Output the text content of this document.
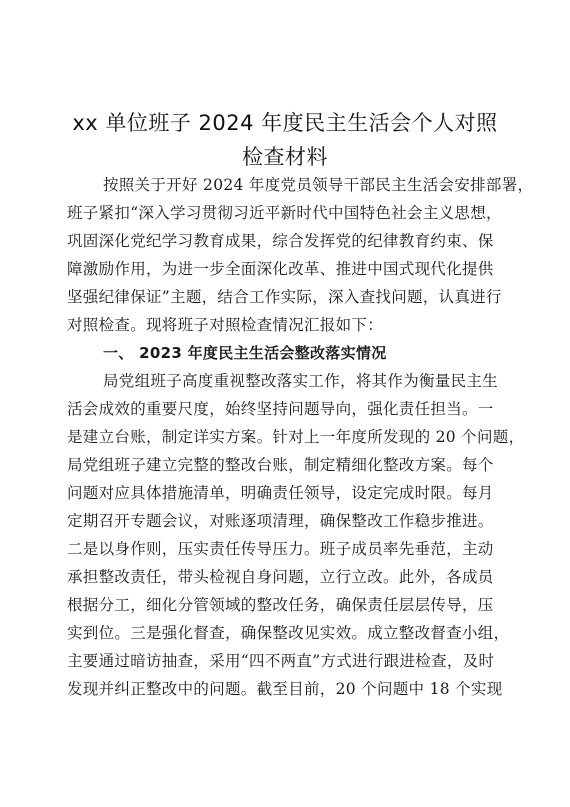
xx 单位班子 2024 年度民主生活会个人对照
检查材料
按照关于开好 2024 年度党员领导干部民主生活会安排部署，
班子紧扣“深入学习贯彻习近平新时代中国特色社会主义思想，
巩固深化党纪学习教育成果，综合发挥党的纪律教育约束、保
障激励作用，为进一步全面深化改革、推进中国式现代化提供
坚强纪律保证”主题，结合工作实际，深入查找问题，认真进行
对照检查。现将班子对照检查情况汇报如下：
一、 2023 年度民主生活会整改落实情况
局党组班子高度重视整改落实工作，将其作为衡量民主生
活会成效的重要尺度，始终坚持问题导向，强化责任担当。一
是建立台账，制定详实方案。针对上一年度所发现的 20 个问题，
局党组班子建立完整的整改台账，制定精细化整改方案。每个
问题对应具体措施清单，明确责任领导，设定完成时限。每月
定期召开专题会议，对账逐项清理，确保整改工作稳步推进。
二是以身作则，压实责任传导压力。班子成员率先垂范，主动
承担整改责任，带头检视自身问题，立行立改。此外，各成员
根据分工，细化分管领域的整改任务，确保责任层层传导，压
实到位。三是强化督查，确保整改见实效。成立整改督查小组，
主要通过暗访抽查，采用“四不两直”方式进行跟进检查，及时
发现并纠正整改中的问题。截至目前，20 个问题中 18 个实现
